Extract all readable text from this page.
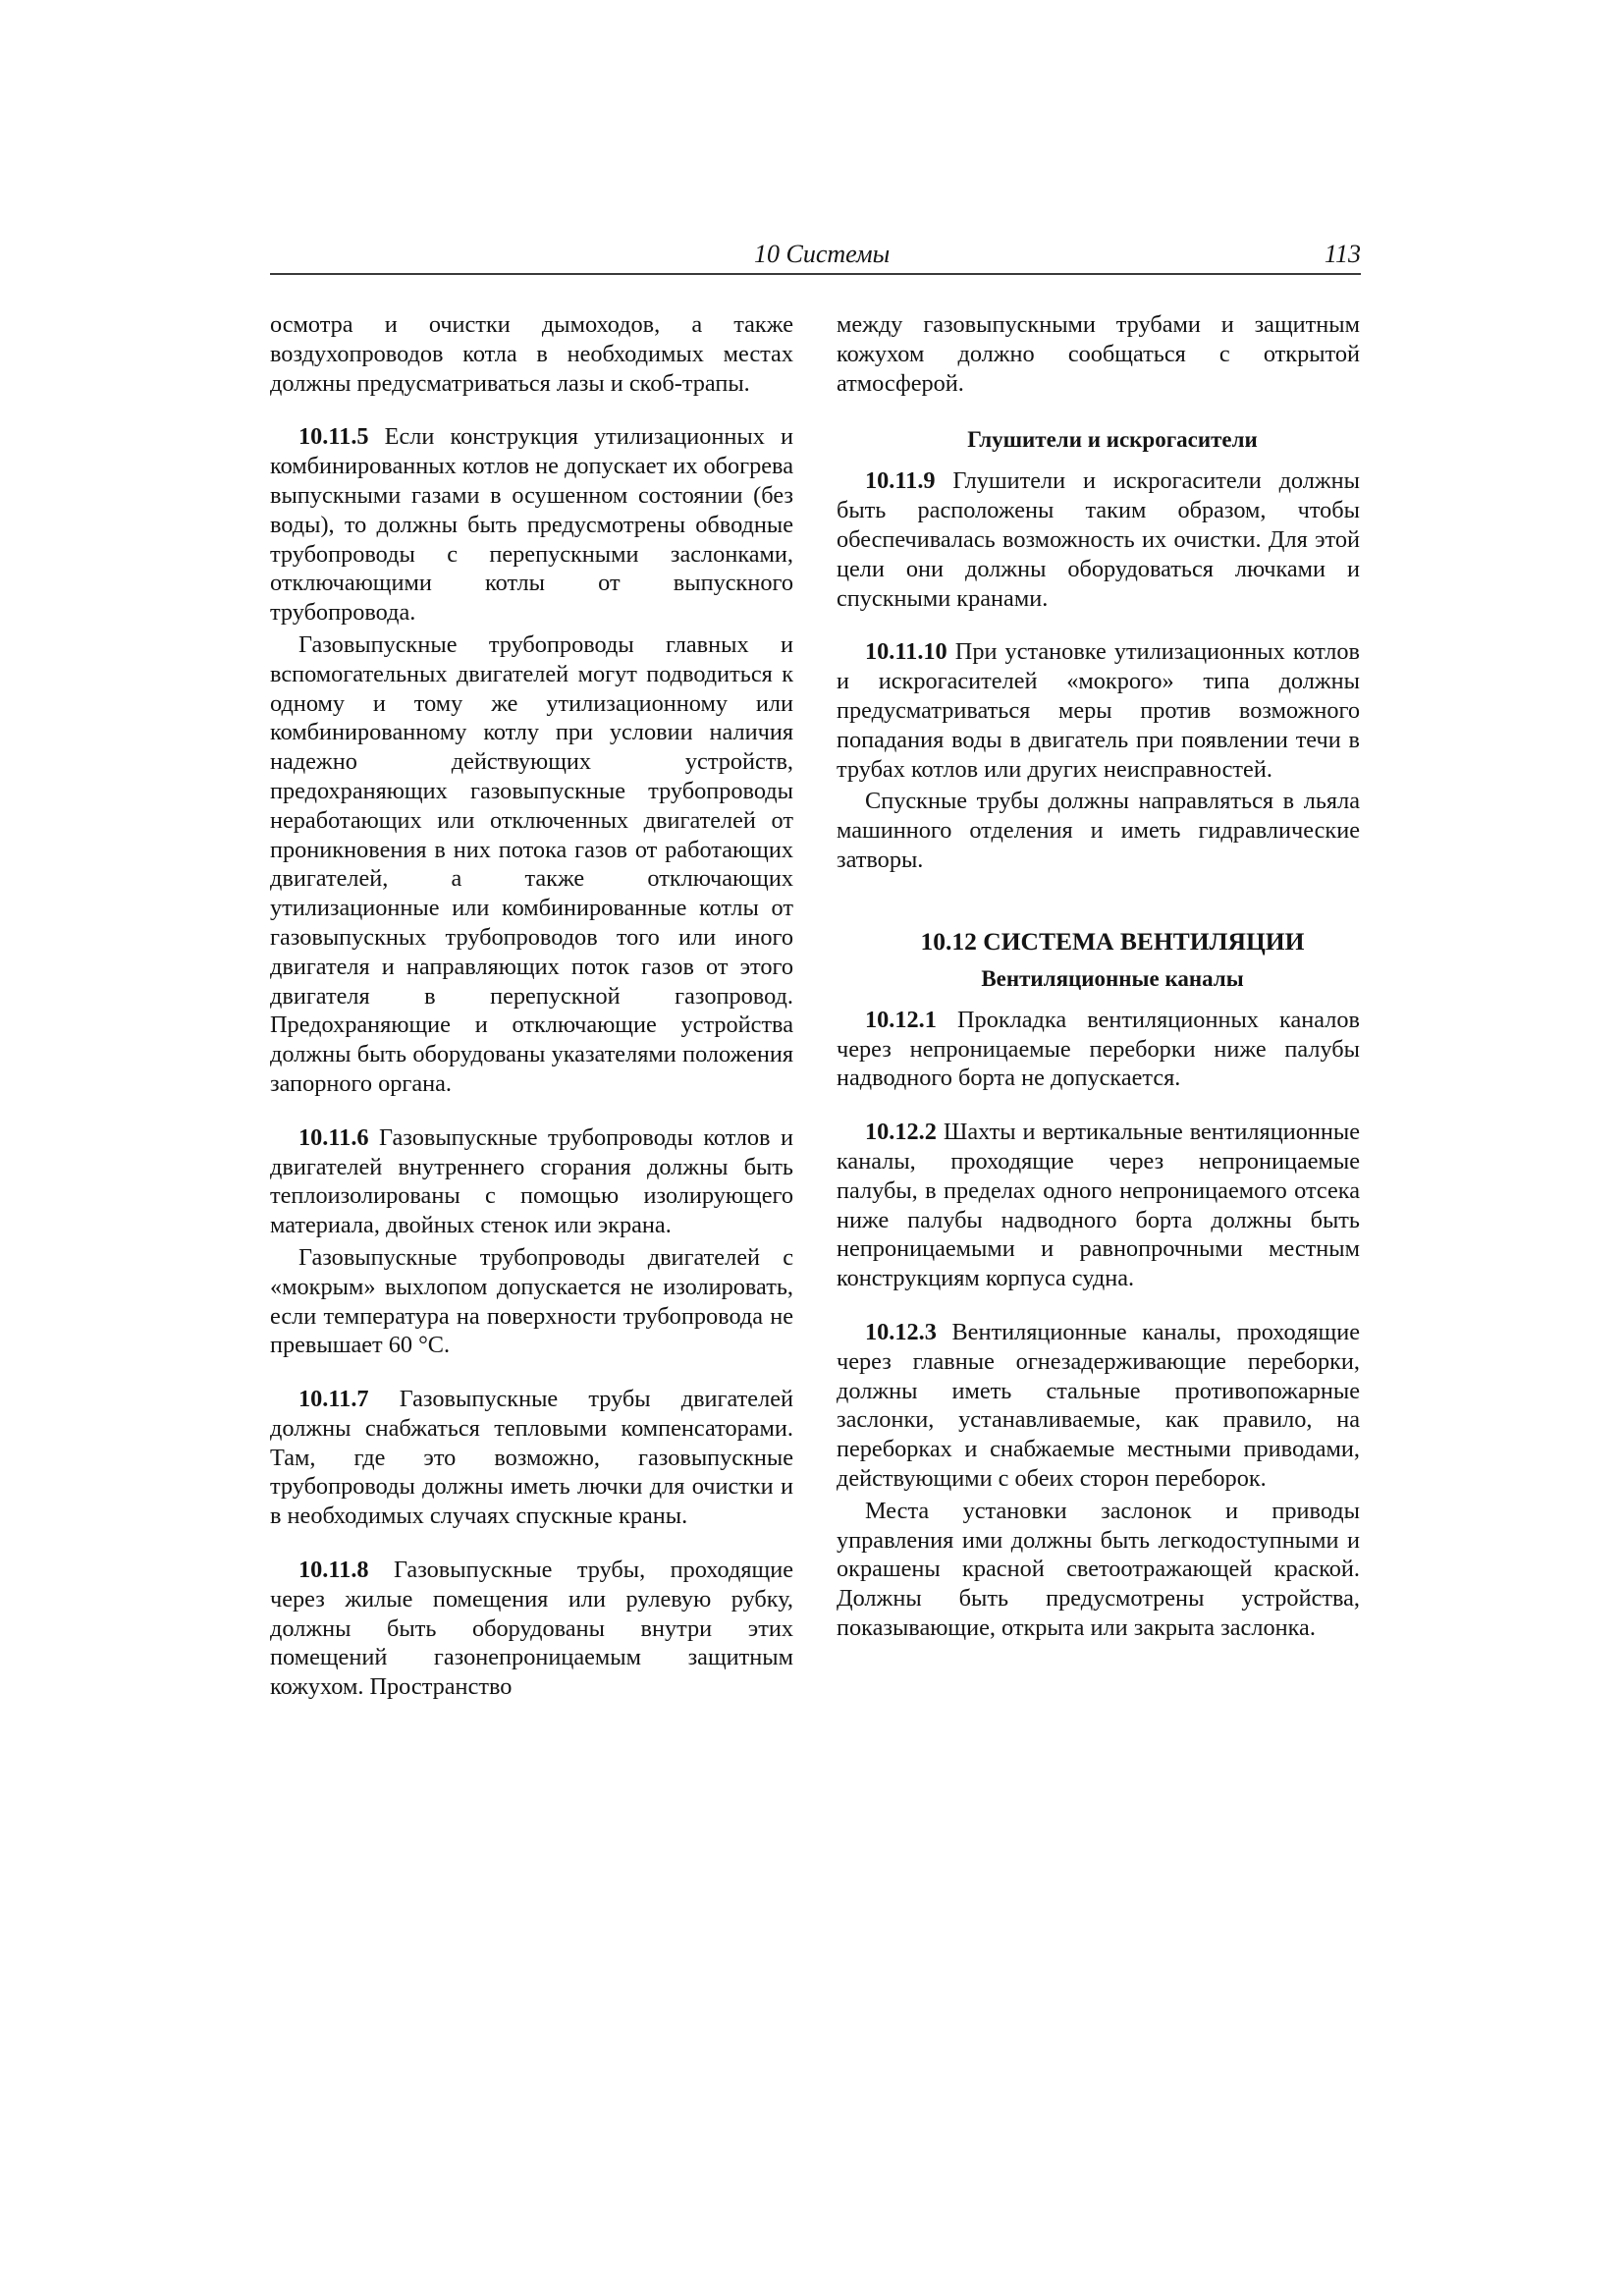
10 Системы	113

осмотра и очистки дымоходов, а также воздухопроводов котла в необходимых местах должны предусматриваться лазы и скоб-трапы.

10.11.5 Если конструкция утилизационных и комбинированных котлов не допускает их обогрева выпускными газами в осушенном состоянии (без воды), то должны быть предусмотрены обводные трубопроводы с перепускными заслонками, отключающими котлы от выпускного трубопровода.

Газовыпускные трубопроводы главных и вспомогательных двигателей могут подводиться к одному и тому же утилизационному или комбинированному котлу при условии наличия надежно действующих устройств, предохраняющих газовыпускные трубопроводы неработающих или отключенных двигателей от проникновения в них потока газов от работающих двигателей, а также отключающих утилизационные или комбинированные котлы от газовыпускных трубопроводов того или иного двигателя и направляющих поток газов от этого двигателя в перепускной газопровод. Предохраняющие и отключающие устройства должны быть оборудованы указателями положения запорного органа.

10.11.6 Газовыпускные трубопроводы котлов и двигателей внутреннего сгорания должны быть теплоизолированы с помощью изолирующего материала, двойных стенок или экрана.

Газовыпускные трубопроводы двигателей с «мокрым» выхлопом допускается не изолировать, если температура на поверхности трубопровода не превышает 60 °С.

10.11.7 Газовыпускные трубы двигателей должны снабжаться тепловыми компенсаторами. Там, где это возможно, газовыпускные трубопроводы должны иметь лючки для очистки и в необходимых случаях спускные краны.

10.11.8 Газовыпускные трубы, проходящие через жилые помещения или рулевую рубку, должны быть оборудованы внутри этих помещений газонепроницаемым защитным кожухом. Пространство

между газовыпускными трубами и защитным кожухом должно сообщаться с открытой атмосферой.

Глушители и искрогасители

10.11.9 Глушители и искрогасители должны быть расположены таким образом, чтобы обеспечивалась возможность их очистки. Для этой цели они должны оборудоваться лючками и спускными кранами.

10.11.10 При установке утилизационных котлов и искрогасителей «мокрого» типа должны предусматриваться меры против возможного попадания воды в двигатель при появлении течи в трубах котлов или других неисправностей.

Спускные трубы должны направляться в льяла машинного отделения и иметь гидравлические затворы.

10.12 СИСТЕМА ВЕНТИЛЯЦИИ

Вентиляционные каналы

10.12.1 Прокладка вентиляционных каналов через непроницаемые переборки ниже палубы надводного борта не допускается.

10.12.2 Шахты и вертикальные вентиляционные каналы, проходящие через непроницаемые палубы, в пределах одного непроницаемого отсека ниже палубы надводного борта должны быть непроницаемыми и равнопрочными местным конструкциям корпуса судна.

10.12.3 Вентиляционные каналы, проходящие через главные огнезадерживающие переборки, должны иметь стальные противопожарные заслонки, устанавливаемые, как правило, на переборках и снабжаемые местными приводами, действующими с обеих сторон переборок.

Места установки заслонок и приводы управления ими должны быть легкодоступными и окрашены красной светоотражающей краской. Должны быть предусмотрены устройства, показывающие, открыта или закрыта заслонка.
